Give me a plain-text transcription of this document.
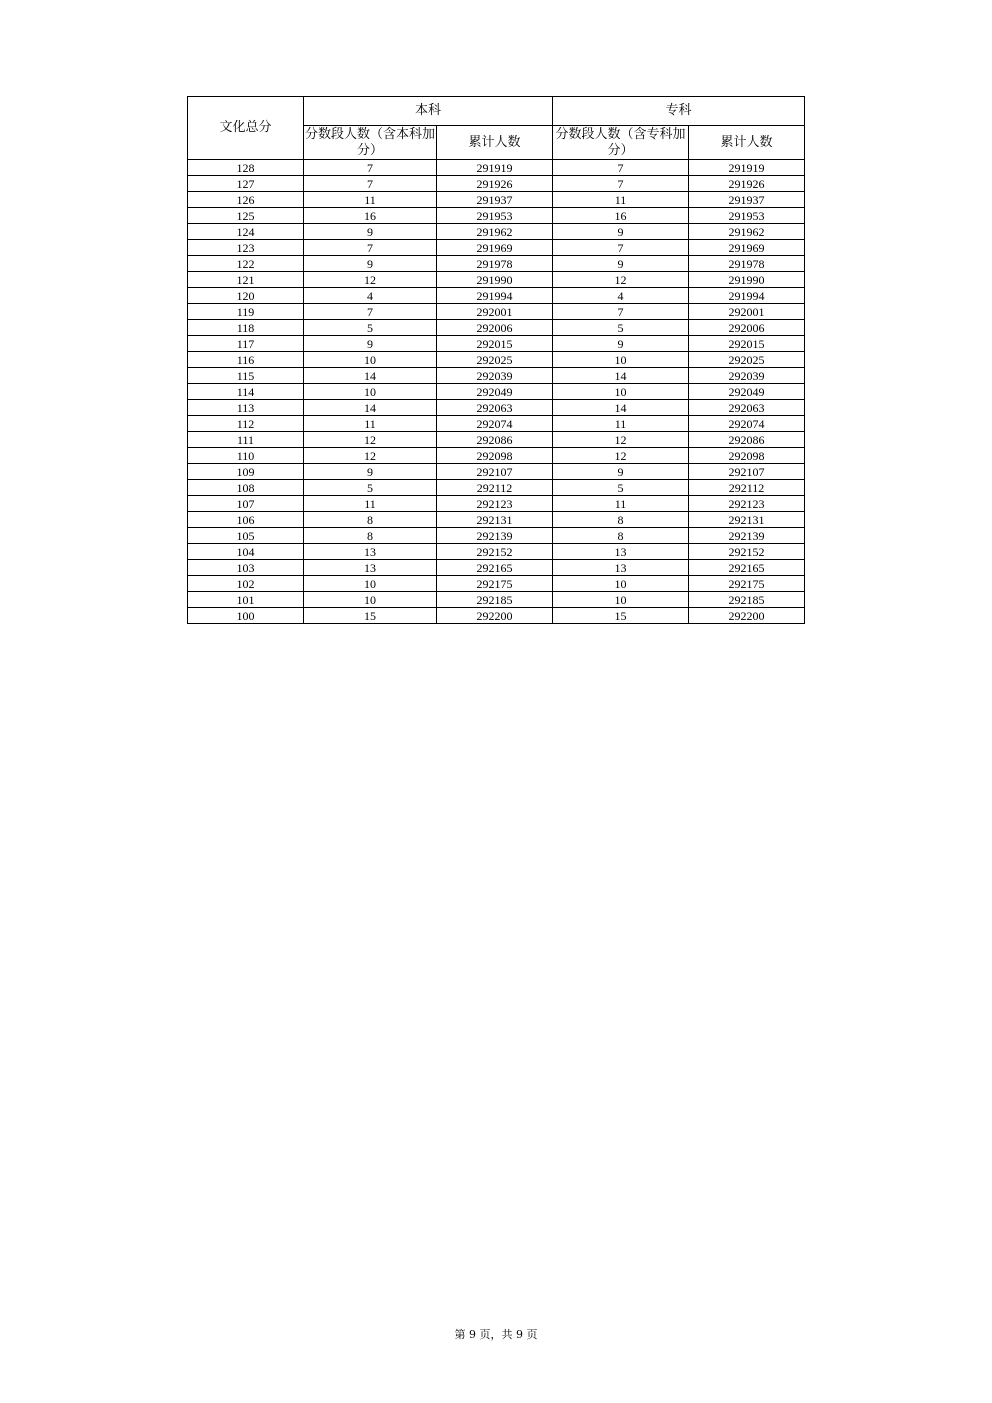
文化总分	本科		专科	
	分数段人数（含本科加分）	累计人数	分数段人数（含专科加分）	累计人数
128	7	291919	7	291919
127	7	291926	7	291926
126	11	291937	11	291937
125	16	291953	16	291953
124	9	291962	9	291962
123	7	291969	7	291969
122	9	291978	9	291978
121	12	291990	12	291990
120	4	291994	4	291994
119	7	292001	7	292001
118	5	292006	5	292006
117	9	292015	9	292015
116	10	292025	10	292025
115	14	292039	14	292039
114	10	292049	10	292049
113	14	292063	14	292063
112	11	292074	11	292074
111	12	292086	12	292086
110	12	292098	12	292098
109	9	292107	9	292107
108	5	292112	5	292112
107	11	292123	11	292123
106	8	292131	8	292131
105	8	292139	8	292139
104	13	292152	13	292152
103	13	292165	13	292165
102	10	292175	10	292175
101	10	292185	10	292185
100	15	292200	15	292200
第 9 页，共 9 页
